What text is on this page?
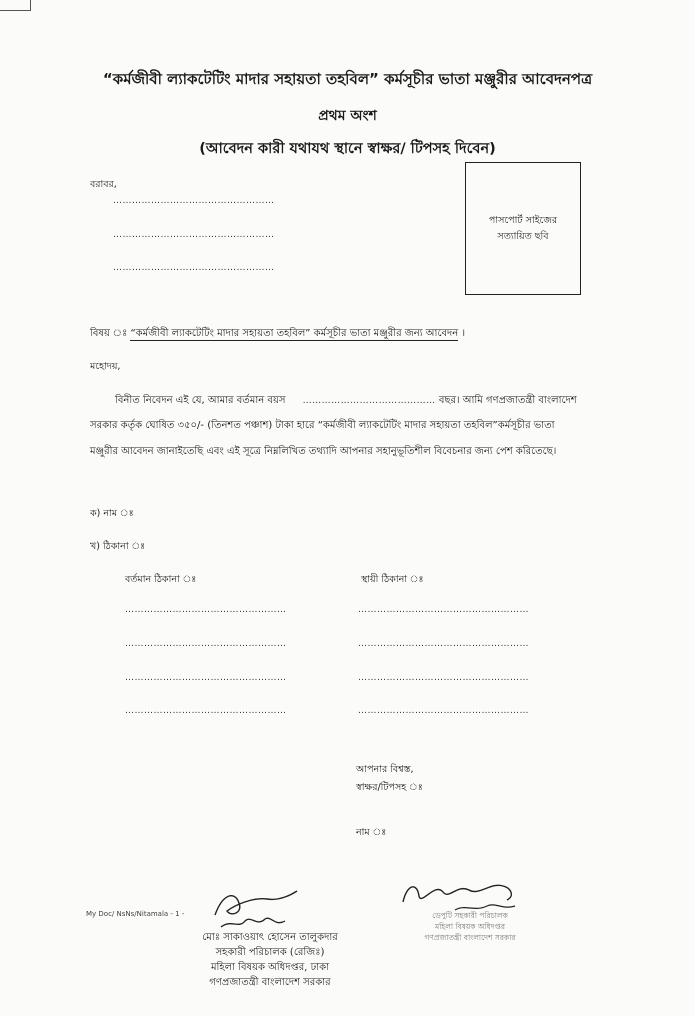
“কর্মজীবী ল্যাকটেটিং মাদার সহায়তা তহবিল” কর্মসূচীর ভাতা মঞ্জুরীর আবেদনপত্র
প্রথম অংশ
(আবেদন কারী যথাযথ স্থানে স্বাক্ষর/ টিপসহ দিবেন)
বরাবর,
……………………………………………
……………………………………………
……………………………………………
পাসপোর্ট সাইজের সত্যায়িত ছবি
বিষয় ঃ “কর্মজীবী ল্যাকটেটিং মাদার সহায়তা তহবিল” কর্মসূচীর ভাতা মঞ্জুরীর জন্য আবেদন ।
মহোদয়,
বিনীত নিবেদন এই যে, আমার বর্তমান বয়স …………………………………… বছর। আমি গণপ্রজাতন্ত্রী বাংলাদেশ
সরকার কর্তৃক ঘোষিত ৩৫০/- (তিনশত পঞ্চাশ) টাকা হারে “কর্মজীবী ল্যাকটেটিং মাদার সহায়তা তহবিল”কর্মসূচীর ভাতা
মঞ্জুরীর আবেদন জানাইতেছি এবং এই সূত্রে নিম্নলিখিত তথ্যাদি আপনার সহানুভূতিশীল বিবেচনার জন্য পেশ করিতেছে।
ক) নাম ঃ
খ) ঠিকানা ঃ
বর্তমান ঠিকানা ঃ	স্থায়ী ঠিকানা ঃ
……………………………………………
……………………………………………
……………………………………………
……………………………………………
………………………………………………
………………………………………………
………………………………………………
………………………………………………
আপনার বিশ্বস্ত,
স্বাক্ষর/টিপসহ ঃ
নাম ঃ
My Doc/ NsNs/Nitamala - 1 -
মোঃ সাকাওয়াৎ হোসেন তালুকদার
সহকারী পরিচালক (রেজিঃ)
মহিলা বিষয়ক অধিদপ্তর, ঢাকা
গণপ্রজাতন্ত্রী বাংলাদেশ সরকার
ডেপুটি সহকারী পরিচালক
মহিলা বিষয়ক অধিদপ্তর
গণপ্রজাতন্ত্রী বাংলাদেশ সরকার
